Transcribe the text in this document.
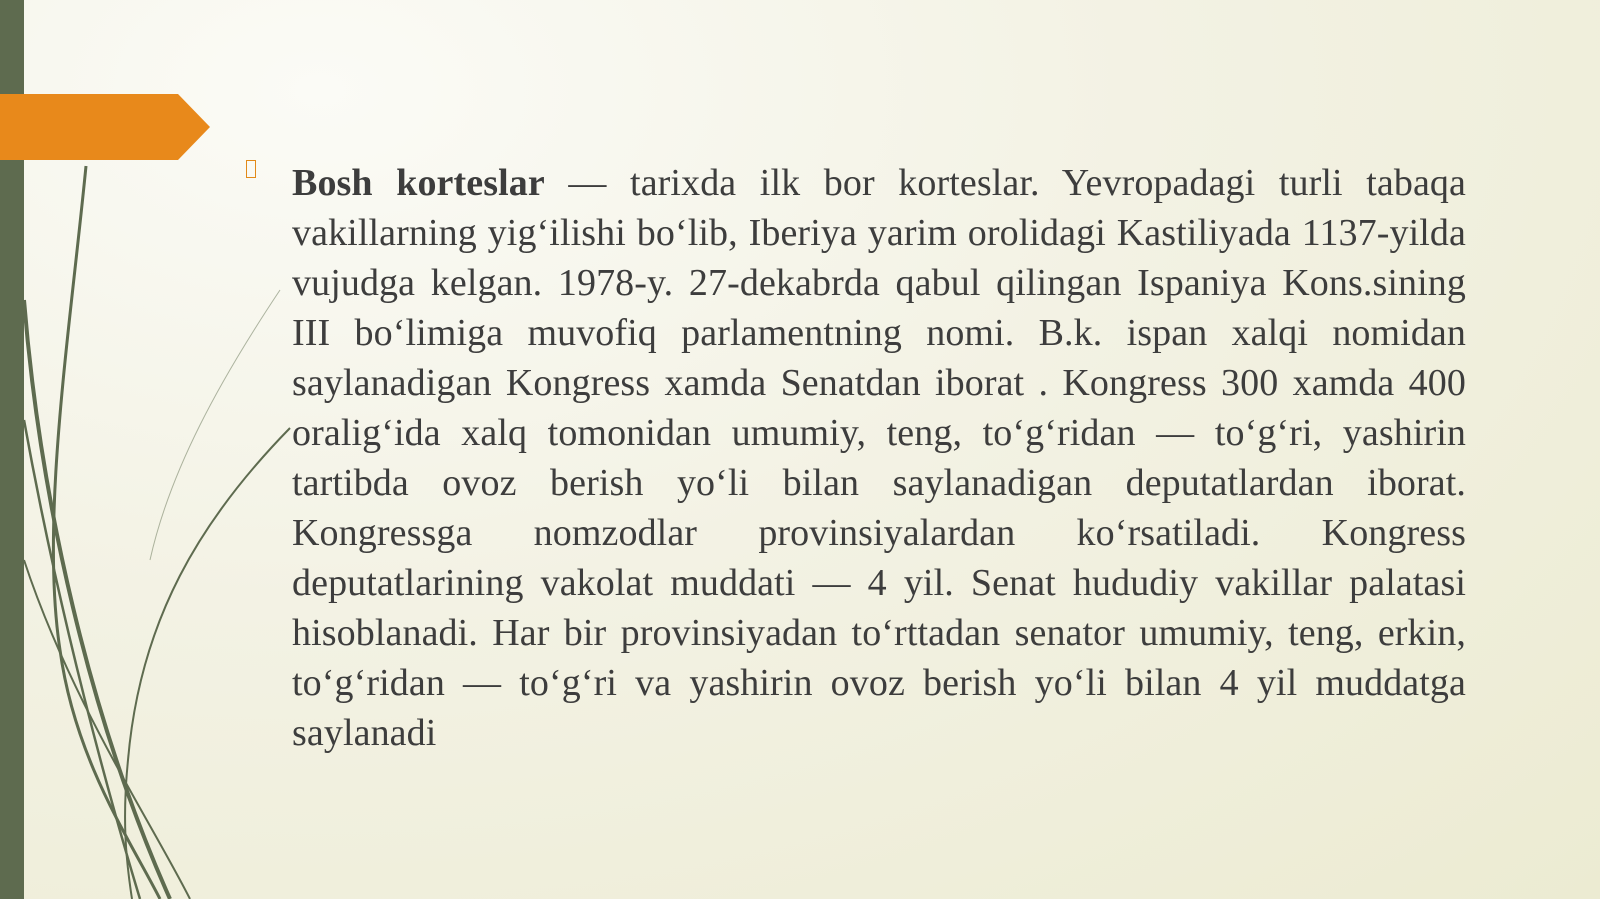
Bosh korteslar — tarixda ilk bor korteslar. Yevropadagi turli tabaqa vakillarning yig‘ilishi bo‘lib, Iberiya yarim orolidagi Kastiliyada 1137-yilda vujudga kelgan. 1978-y. 27-dekabrda qabul qilingan Ispaniya Kons.sining III bo‘limiga muvofiq parlamentning nomi. B.k. ispan xalqi nomidan saylanadigan Kongress xamda Senatdan iborat . Kongress 300 xamda 400 oralig‘ida xalq tomonidan umumiy, teng, to‘g‘ridan — to‘g‘ri, yashirin tartibda ovoz berish yo‘li bilan saylanadigan deputatlardan iborat. Kongressga nomzodlar provinsiyalardan ko‘rsatiladi. Kongress deputatlarining vakolat muddati — 4 yil. Senat hududiy vakillar palatasi hisoblanadi. Har bir provinsiyadan to‘rttadan senator umumiy, teng, erkin, to‘g‘ridan — to‘g‘ri va yashirin ovoz berish yo‘li bilan 4 yil muddatga saylanadi
